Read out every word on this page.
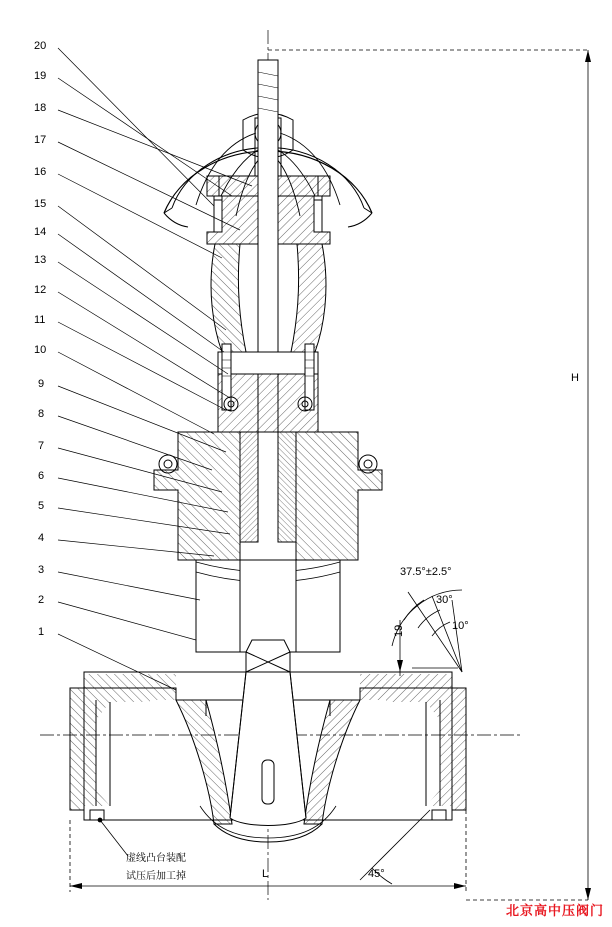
20
19
18
17
16
15
14
13
12
11
10
9
8
7
6
5
4
3
2
1
H
L
37.5°±2.5°
30°
10°
45°
19
虚线凸台装配
试压后加工掉
北京高中压阀门
